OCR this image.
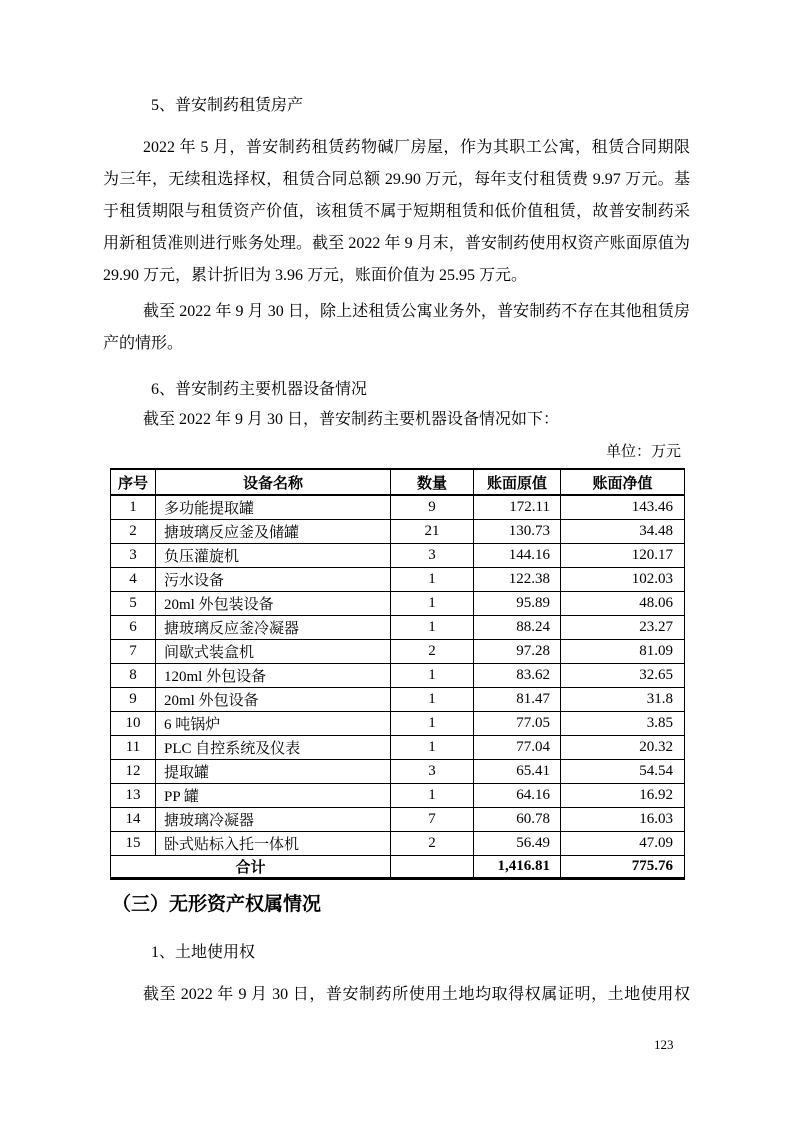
5、普安制药租赁房产

2022 年 5 月，普安制药租赁药物碱厂房屋，作为其职工公寓，租赁合同期限为三年，无续租选择权，租赁合同总额 29.90 万元，每年支付租赁费 9.97 万元。基于租赁期限与租赁资产价值，该租赁不属于短期租赁和低价值租赁，故普安制药采用新租赁准则进行账务处理。截至 2022 年 9 月末，普安制药使用权资产账面原值为 29.90 万元，累计折旧为 3.96 万元，账面价值为 25.95 万元。

截至 2022 年 9 月 30 日，除上述租赁公寓业务外，普安制药不存在其他租赁房产的情形。

6、普安制药主要机器设备情况

截至 2022 年 9 月 30 日，普安制药主要机器设备情况如下：

单位：万元
序号	设备名称	数量	账面原值	账面净值
1	多功能提取罐	9	172.11	143.46
2	搪玻璃反应釜及储罐	21	130.73	34.48
3	负压灌旋机	3	144.16	120.17
4	污水设备	1	122.38	102.03
5	20ml 外包装设备	1	95.89	48.06
6	搪玻璃反应釜冷凝器	1	88.24	23.27
7	间歇式装盒机	2	97.28	81.09
8	120ml 外包设备	1	83.62	32.65
9	20ml 外包设备	1	81.47	31.8
10	6 吨锅炉	1	77.05	3.85
11	PLC 自控系统及仪表	1	77.04	20.32
12	提取罐	3	65.41	54.54
13	PP 罐	1	64.16	16.92
14	搪玻璃冷凝器	7	60.78	16.03
15	卧式贴标入托一体机	2	56.49	47.09
合计			1,416.81	775.76
（三）无形资产权属情况
1、土地使用权

截至 2022 年 9 月 30 日，普安制药所使用土地均取得权属证明，土地使用权

123
